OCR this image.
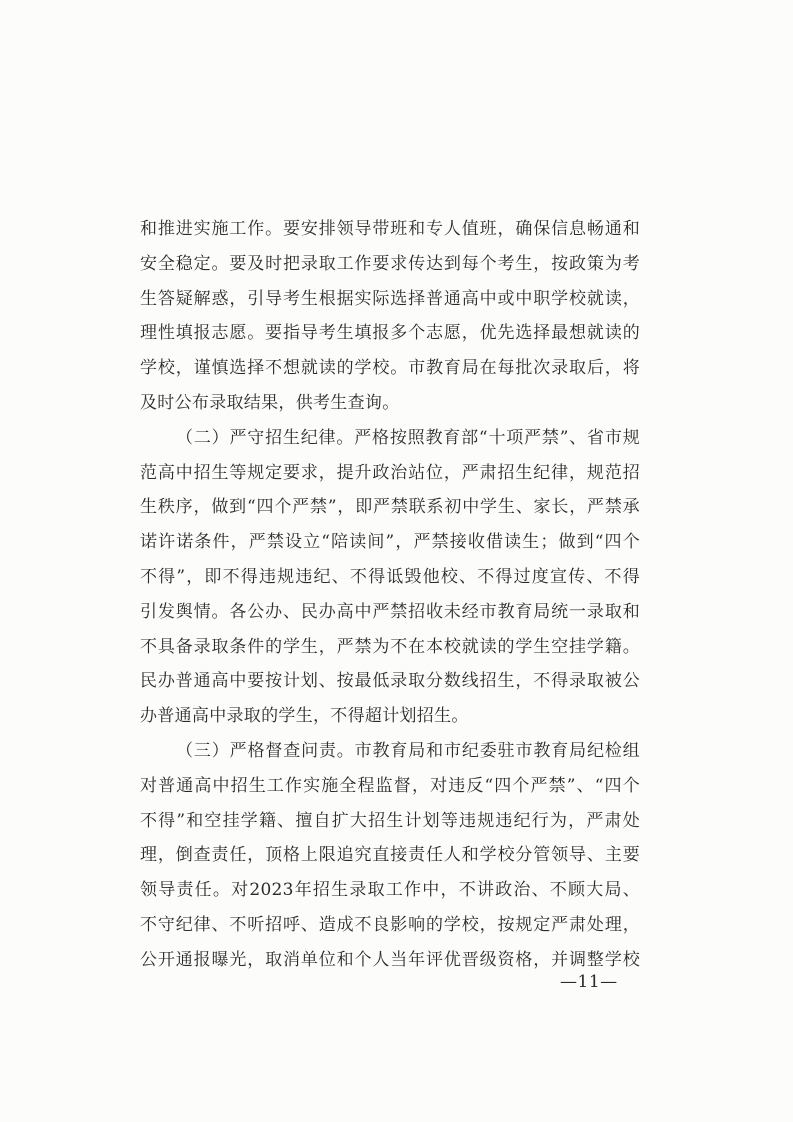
和推进实施工作。要安排领导带班和专人值班，确保信息畅通和
安全稳定。要及时把录取工作要求传达到每个考生，按政策为考
生答疑解惑，引导考生根据实际选择普通高中或中职学校就读，
理性填报志愿。要指导考生填报多个志愿，优先选择最想就读的
学校，谨慎选择不想就读的学校。市教育局在每批次录取后，将
及时公布录取结果，供考生查询。
（二）严守招生纪律。严格按照教育部“十项严禁”、省市规
范高中招生等规定要求，提升政治站位，严肃招生纪律，规范招
生秩序，做到“四个严禁”，即严禁联系初中学生、家长，严禁承
诺许诺条件，严禁设立“陪读间”，严禁接收借读生；做到“四个
不得”，即不得违规违纪、不得诋毁他校、不得过度宣传、不得
引发舆情。各公办、民办高中严禁招收未经市教育局统一录取和
不具备录取条件的学生，严禁为不在本校就读的学生空挂学籍。
民办普通高中要按计划、按最低录取分数线招生，不得录取被公
办普通高中录取的学生，不得超计划招生。
（三）严格督查问责。市教育局和市纪委驻市教育局纪检组
对普通高中招生工作实施全程监督，对违反“四个严禁”、“四个
不得”和空挂学籍、擅自扩大招生计划等违规违纪行为，严肃处
理，倒查责任，顶格上限追究直接责任人和学校分管领导、主要
领导责任。对2023年招生录取工作中，不讲政治、不顾大局、
不守纪律、不听招呼、造成不良影响的学校，按规定严肃处理，
公开通报曝光，取消单位和个人当年评优晋级资格，并调整学校
—11—
